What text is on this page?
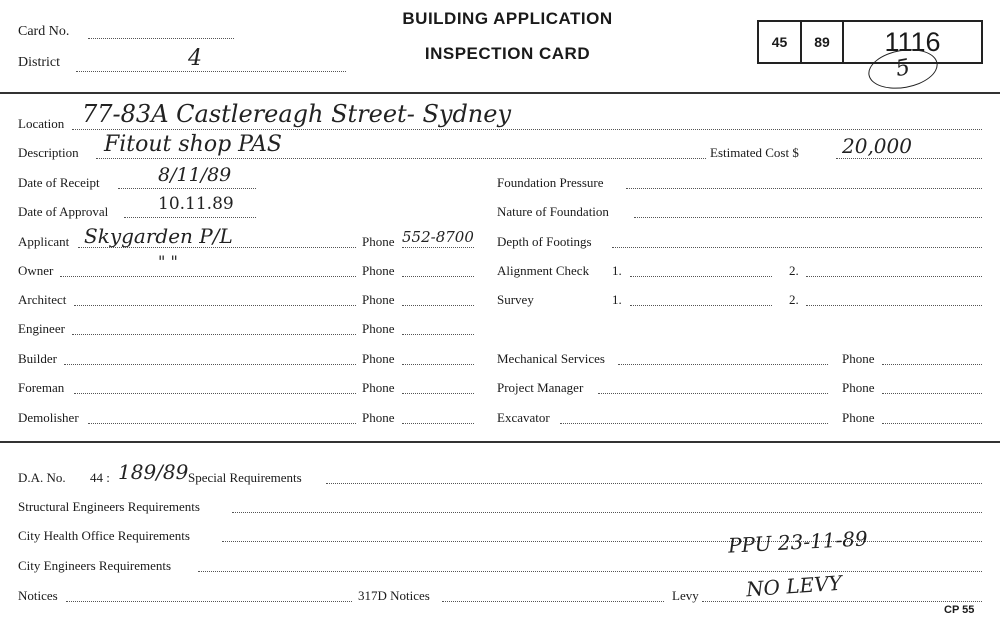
Card No.
District	4
BUILDING APPLICATION
INSPECTION CARD
45	89	1116
5
Location 77-83A Castlereagh Street- Sydney
Description Fitout shop PAS	Estimated Cost $ 20,000
Date of Receipt	8/11/89
Date of Approval	10.11.89
Applicant Skygarden P/L	Phone 552-8700
Owner	" "	Phone
Architect	Phone
Engineer	Phone
Builder	Phone
Foreman	Phone
Demolisher	Phone
Foundation Pressure
Nature of Foundation
Depth of Footings
Alignment Check 1.	2.
Survey	1.	2.
Mechanical Services	Phone
Project Manager	Phone
Excavator	Phone
D.A. No. 44 : 189/89 Special Requirements
Structural Engineers Requirements
City Health Office Requirements
City Engineers Requirements
PPU 23-11-89
Notices	317D Notices	Levy NO LEVY
CP 55
